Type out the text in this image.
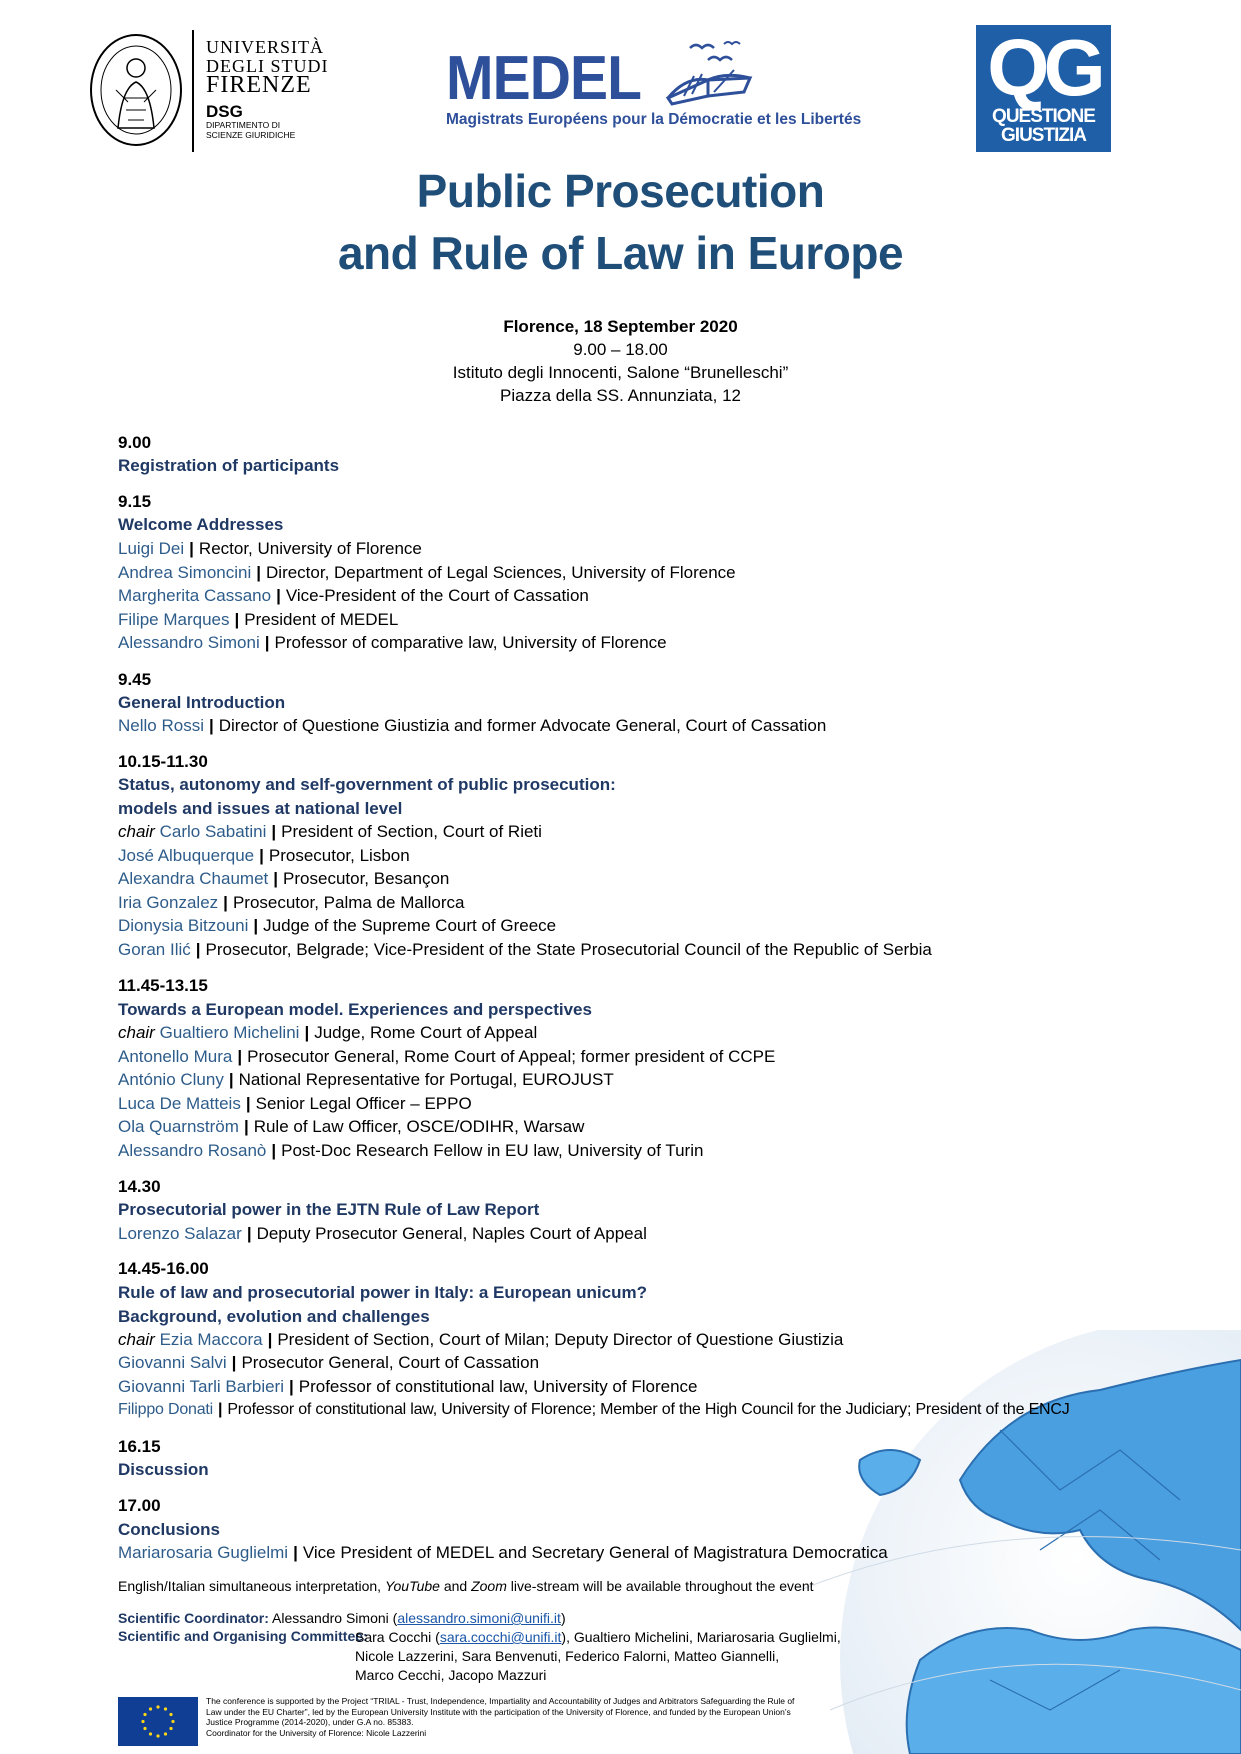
UNIVERSITÀ
DEGLI STUDI
FIRENZE
DSG
DIPARTIMENTO DI
SCIENZE GIURIDICHE
MEDEL
Magistrats Européens pour la Démocratie et les Libertés
QG
QUESTIONE
GIUSTIZIA
Public Prosecution
and Rule of Law in Europe
Florence, 18 September 2020
9.00 – 18.00
Istituto degli Innocenti, Salone “Brunelleschi”
Piazza della SS. Annunziata, 12
9.00
Registration of participants
9.15
Welcome Addresses
Luigi Dei | Rector, University of Florence
Andrea Simoncini | Director, Department of Legal Sciences, University of Florence
Margherita Cassano | Vice-President of the Court of Cassation
Filipe Marques | President of MEDEL
Alessandro Simoni | Professor of comparative law, University of Florence
9.45
General Introduction
Nello Rossi | Director of Questione Giustizia and former Advocate General, Court of Cassation
10.15-11.30
Status, autonomy and self-government of public prosecution:
models and issues at national level
chair Carlo Sabatini | President of Section, Court of Rieti
José Albuquerque | Prosecutor, Lisbon
Alexandra Chaumet | Prosecutor, Besançon
Iria Gonzalez | Prosecutor, Palma de Mallorca
Dionysia Bitzouni | Judge of the Supreme Court of Greece
Goran Ilić | Prosecutor, Belgrade; Vice-President of the State Prosecutorial Council of the Republic of Serbia
11.45-13.15
Towards a European model. Experiences and perspectives
chair Gualtiero Michelini | Judge, Rome Court of Appeal
Antonello Mura | Prosecutor General, Rome Court of Appeal; former president of CCPE
António Cluny | National Representative for Portugal, EUROJUST
Luca De Matteis | Senior Legal Officer – EPPO
Ola Quarnström | Rule of Law Officer, OSCE/ODIHR, Warsaw
Alessandro Rosanò | Post-Doc Research Fellow in EU law, University of Turin
14.30
Prosecutorial power in the EJTN Rule of Law Report
Lorenzo Salazar | Deputy Prosecutor General, Naples Court of Appeal
14.45-16.00
Rule of law and prosecutorial power in Italy: a European unicum?
Background, evolution and challenges
chair Ezia Maccora | President of Section, Court of Milan; Deputy Director of Questione Giustizia
Giovanni Salvi | Prosecutor General, Court of Cassation
Giovanni Tarli Barbieri | Professor of constitutional law, University of Florence
Filippo Donati | Professor of constitutional law, University of Florence; Member of the High Council for the Judiciary; President of the ENCJ
16.15
Discussion
17.00
Conclusions
Mariarosaria Guglielmi | Vice President of MEDEL and Secretary General of Magistratura Democratica
English/Italian simultaneous interpretation, YouTube and Zoom live-stream will be available throughout the event
Scientific Coordinator: Alessandro Simoni (alessandro.simoni@unifi.it)
Scientific and Organising Committee:
Sara Cocchi (sara.cocchi@unifi.it), Gualtiero Michelini, Mariarosaria Guglielmi,
Nicole Lazzerini, Sara Benvenuti, Federico Falorni, Matteo Giannelli,
Marco Cecchi, Jacopo Mazzuri
The conference is supported by the Project “TRIIAL - Trust, Independence, Impartiality and Accountability of Judges and Arbitrators Safeguarding the Rule of
Law under the EU Charter”, led by the European University Institute with the participation of the University of Florence, and funded by the European Union’s
Justice Programme (2014-2020), under G.A no. 85383.
Coordinator for the University of Florence: Nicole Lazzerini
